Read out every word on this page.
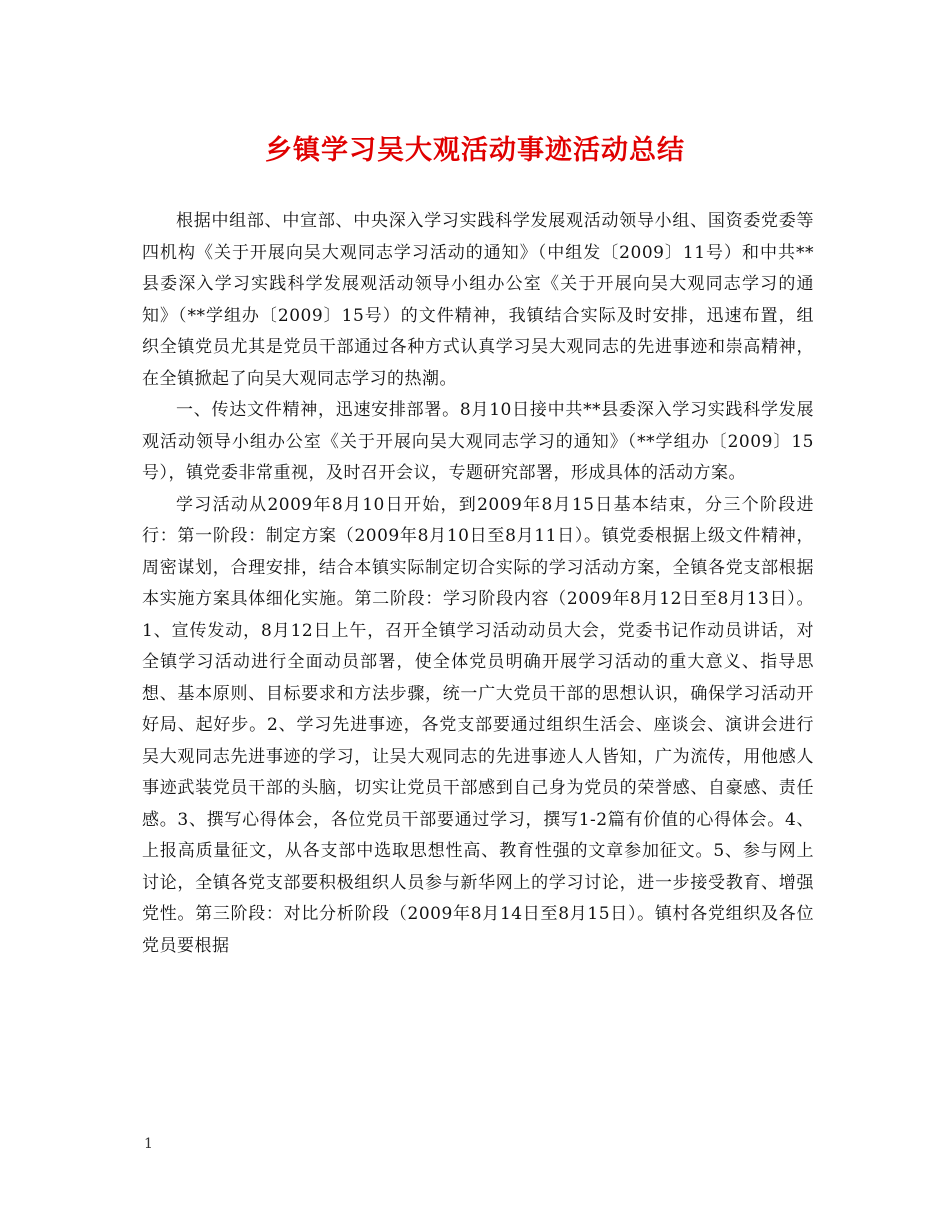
乡镇学习吴大观活动事迹活动总结

根据中组部、中宣部、中央深入学习实践科学发展观活动领导小组、国资委党委等四机构《关于开展向吴大观同志学习活动的通知》（中组发〔2009〕11号）和中共**县委深入学习实践科学发展观活动领导小组办公室《关于开展向吴大观同志学习的通知》（**学组办〔2009〕15号）的文件精神，我镇结合实际及时安排，迅速布置，组织全镇党员尤其是党员干部通过各种方式认真学习吴大观同志的先进事迹和崇高精神，在全镇掀起了向吴大观同志学习的热潮。

一、传达文件精神，迅速安排部署。8月10日接中共**县委深入学习实践科学发展观活动领导小组办公室《关于开展向吴大观同志学习的通知》（**学组办〔2009〕15号），镇党委非常重视，及时召开会议，专题研究部署，形成具体的活动方案。

学习活动从2009年8月10日开始，到2009年8月15日基本结束，分三个阶段进行：第一阶段：制定方案（2009年8月10日至8月11日）。镇党委根据上级文件精神，周密谋划，合理安排，结合本镇实际制定切合实际的学习活动方案，全镇各党支部根据本实施方案具体细化实施。第二阶段：学习阶段内容（2009年8月12日至8月13日）。1、宣传发动，8月12日上午，召开全镇学习活动动员大会，党委书记作动员讲话，对全镇学习活动进行全面动员部署，使全体党员明确开展学习活动的重大意义、指导思想、基本原则、目标要求和方法步骤，统一广大党员干部的思想认识，确保学习活动开好局、起好步。2、学习先进事迹，各党支部要通过组织生活会、座谈会、演讲会进行吴大观同志先进事迹的学习，让吴大观同志的先进事迹人人皆知，广为流传，用他感人事迹武装党员干部的头脑，切实让党员干部感到自己身为党员的荣誉感、自豪感、责任感。3、撰写心得体会，各位党员干部要通过学习，撰写1-2篇有价值的心得体会。4、上报高质量征文，从各支部中选取思想性高、教育性强的文章参加征文。5、参与网上讨论，全镇各党支部要积极组织人员参与新华网上的学习讨论，进一步接受教育、增强党性。第三阶段：对比分析阶段（2009年8月14日至8月15日）。镇村各党组织及各位党员要根据

1
